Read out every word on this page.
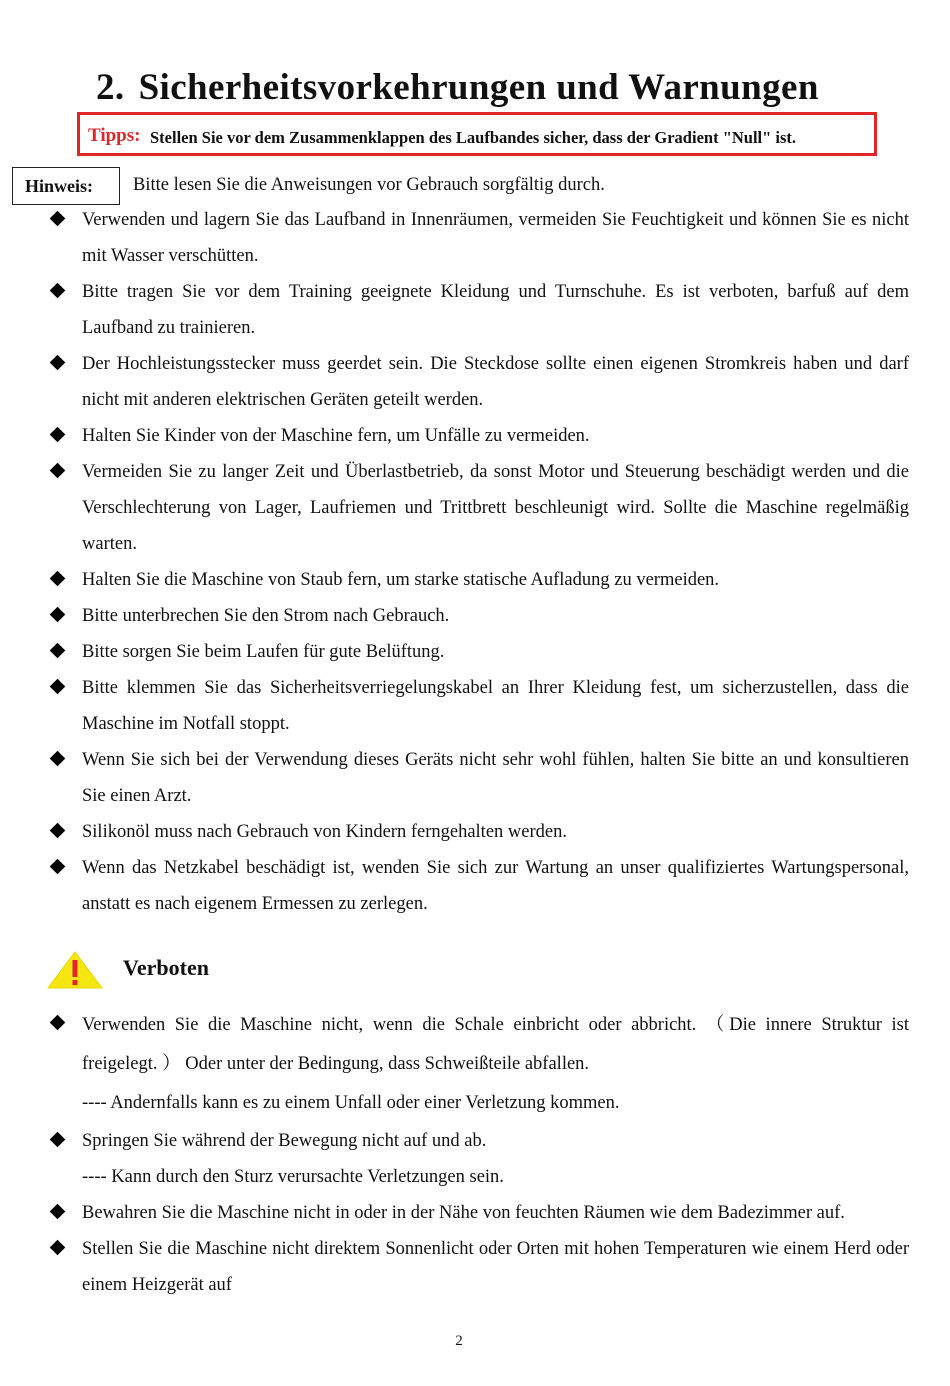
2. Sicherheitsvorkehrungen und Warnungen
Tipps: Stellen Sie vor dem Zusammenklappen des Laufbandes sicher, dass der Gradient "Null" ist.
Hinweis: Bitte lesen Sie die Anweisungen vor Gebrauch sorgfältig durch.
Verwenden und lagern Sie das Laufband in Innenräumen, vermeiden Sie Feuchtigkeit und können Sie es nicht mit Wasser verschütten.
Bitte tragen Sie vor dem Training geeignete Kleidung und Turnschuhe. Es ist verboten, barfuß auf dem Laufband zu trainieren.
Der Hochleistungsstecker muss geerdet sein. Die Steckdose sollte einen eigenen Stromkreis haben und darf nicht mit anderen elektrischen Geräten geteilt werden.
Halten Sie Kinder von der Maschine fern, um Unfälle zu vermeiden.
Vermeiden Sie zu langer Zeit und Überlastbetrieb, da sonst Motor und Steuerung beschädigt werden und die Verschlechterung von Lager, Laufriemen und Trittbrett beschleunigt wird. Sollte die Maschine regelmäßig warten.
Halten Sie die Maschine von Staub fern, um starke statische Aufladung zu vermeiden.
Bitte unterbrechen Sie den Strom nach Gebrauch.
Bitte sorgen Sie beim Laufen für gute Belüftung.
Bitte klemmen Sie das Sicherheitsverriegelungskabel an Ihrer Kleidung fest, um sicherzustellen, dass die Maschine im Notfall stoppt.
Wenn Sie sich bei der Verwendung dieses Geräts nicht sehr wohl fühlen, halten Sie bitte an und konsultieren Sie einen Arzt.
Silikonöl muss nach Gebrauch von Kindern ferngehalten werden.
Wenn das Netzkabel beschädigt ist, wenden Sie sich zur Wartung an unser qualifiziertes Wartungspersonal, anstatt es nach eigenem Ermessen zu zerlegen.
Verboten
Verwenden Sie die Maschine nicht, wenn die Schale einbricht oder abbricht. （Die innere Struktur ist freigelegt. ） Oder unter der Bedingung, dass Schweißteile abfallen.
---- Andernfalls kann es zu einem Unfall oder einer Verletzung kommen.
Springen Sie während der Bewegung nicht auf und ab.
---- Kann durch den Sturz verursachte Verletzungen sein.
Bewahren Sie die Maschine nicht in oder in der Nähe von feuchten Räumen wie dem Badezimmer auf.
Stellen Sie die Maschine nicht direktem Sonnenlicht oder Orten mit hohen Temperaturen wie einem Herd oder einem Heizgerät auf
2
